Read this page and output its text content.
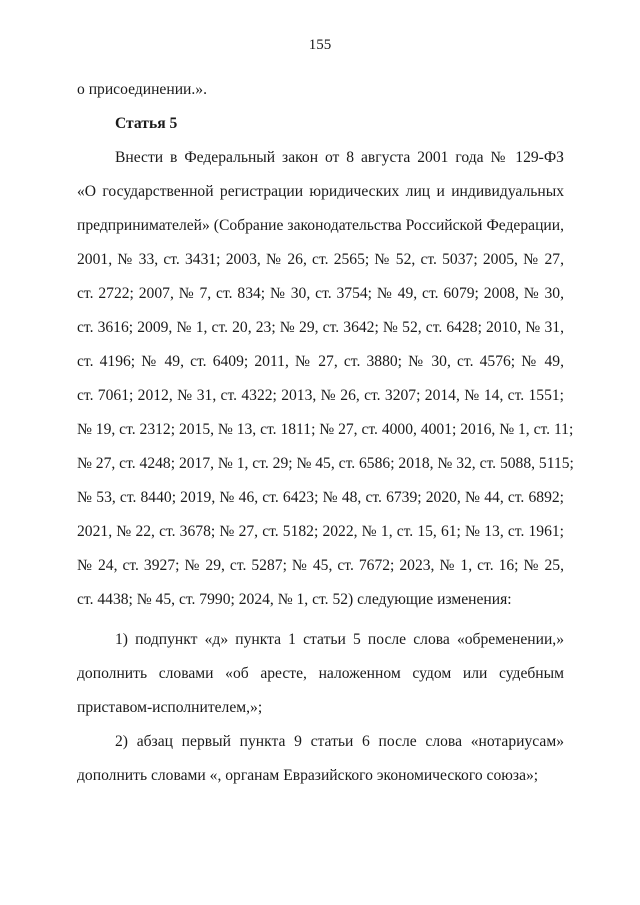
155
о присоединении.».
Статья 5
Внести в Федеральный закон от 8 августа 2001 года № 129-ФЗ
«О государственной регистрации юридических лиц и индивидуальных
предпринимателей» (Собрание законодательства Российской Федерации,
2001, № 33, ст. 3431; 2003, № 26, ст. 2565; № 52, ст. 5037; 2005, № 27,
ст. 2722; 2007, № 7, ст. 834; № 30, ст. 3754; № 49, ст. 6079; 2008, № 30,
ст. 3616; 2009, № 1, ст. 20, 23; № 29, ст. 3642; № 52, ст. 6428; 2010, № 31,
ст. 4196; № 49, ст. 6409; 2011, № 27, ст. 3880; № 30, ст. 4576; № 49,
ст. 7061; 2012, № 31, ст. 4322; 2013, № 26, ст. 3207; 2014, № 14, ст. 1551;
№ 19, ст. 2312; 2015, № 13, ст. 1811; № 27, ст. 4000, 4001; 2016, № 1, ст. 11;
№ 27, ст. 4248; 2017, № 1, ст. 29; № 45, ст. 6586; 2018, № 32, ст. 5088, 5115;
№ 53, ст. 8440; 2019, № 46, ст. 6423; № 48, ст. 6739; 2020, № 44, ст. 6892;
2021, № 22, ст. 3678; № 27, ст. 5182; 2022, № 1, ст. 15, 61; № 13, ст. 1961;
№ 24, ст. 3927; № 29, ст. 5287; № 45, ст. 7672; 2023, № 1, ст. 16; № 25,
ст. 4438; № 45, ст. 7990; 2024, № 1, ст. 52) следующие изменения:
1) подпункт «д» пункта 1 статьи 5 после слова «обременении,»
дополнить словами «об аресте, наложенном судом или судебным
приставом-исполнителем,»;
2) абзац первый пункта 9 статьи 6 после слова «нотариусам»
дополнить словами «, органам Евразийского экономического союза»;
